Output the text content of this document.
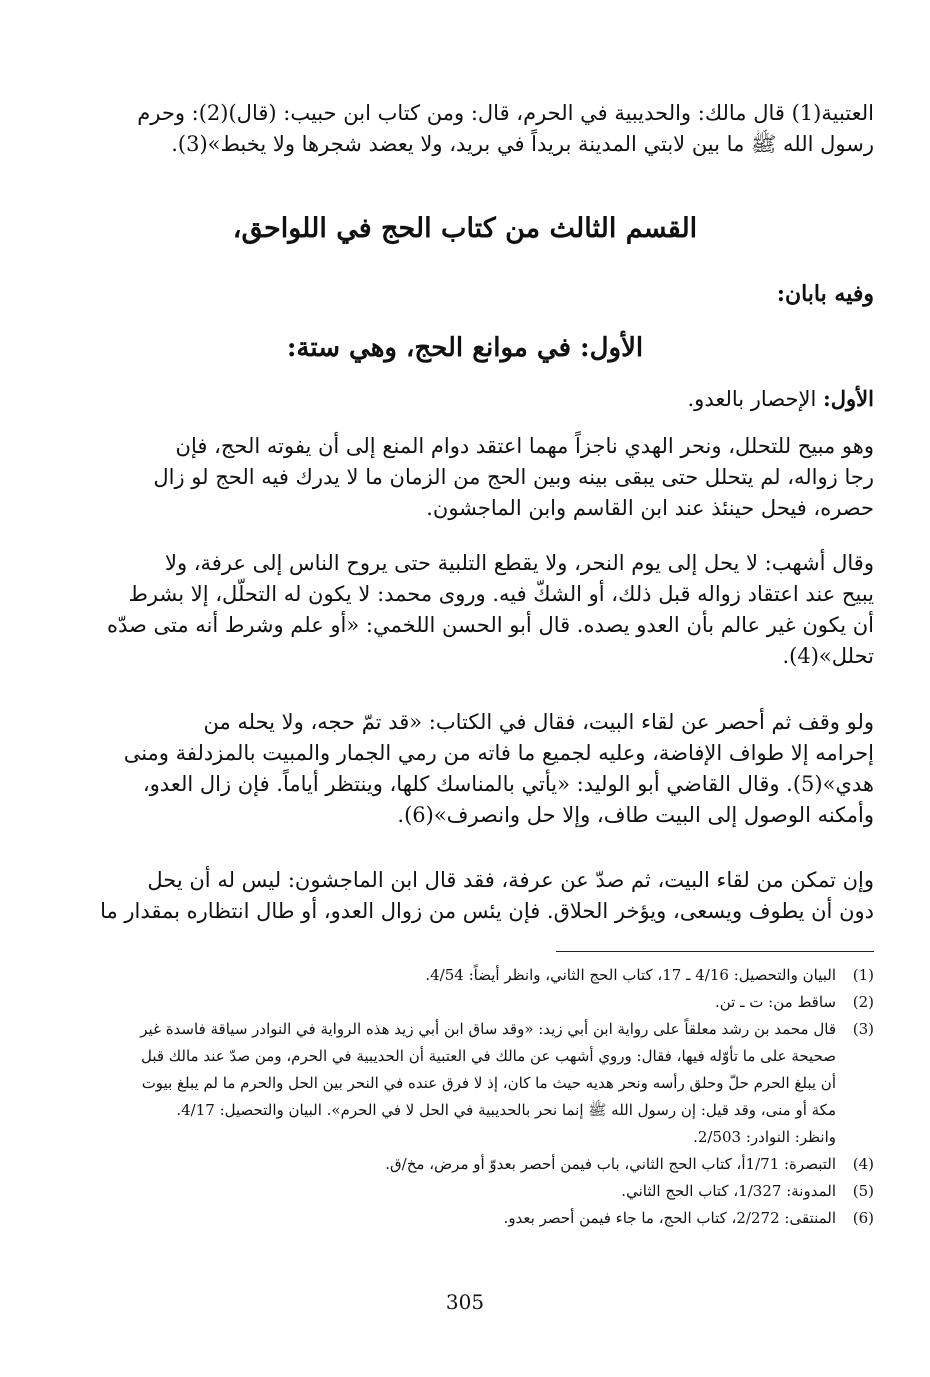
العتبية(1) قال مالك: والحديبية في الحرم، قال: ومن كتاب ابن حبيب: (قال)(2): وحرم

رسول الله ﷺ ما بين لابتي المدينة بريداً في بريد، ولا يعضد شجرها ولا يخبط»(3).

القسم الثالث من كتاب الحج في اللواحق،
وفيه بابان:
الأول: في موانع الحج، وهي ستة:

الأول: الإحصار بالعدو.

وهو مبيح للتحلل، ونحر الهدي ناجزاً مهما اعتقد دوام المنع إلى أن يفوته الحج، فإن

رجا زواله، لم يتحلل حتى يبقى بينه وبين الحج من الزمان ما لا يدرك فيه الحج لو زال

حصره، فيحل حينئذ عند ابن القاسم وابن الماجشون.

وقال أشهب: لا يحل إلى يوم النحر، ولا يقطع التلبية حتى يروح الناس إلى عرفة، ولا

يبيح عند اعتقاد زواله قبل ذلك، أو الشكّ فيه. وروى محمد: لا يكون له التحلّل، إلا بشرط

أن يكون غير عالم بأن العدو يصده. قال أبو الحسن اللخمي: «أو علم وشرط أنه متى صدّه

تحلل»(4).

ولو وقف ثم أحصر عن لقاء البيت، فقال في الكتاب: «قد تمّ حجه، ولا يحله من

إحرامه إلا طواف الإفاضة، وعليه لجميع ما فاته من رمي الجمار والمبيت بالمزدلفة ومنى

هدي»(5). وقال القاضي أبو الوليد: «يأتي بالمناسك كلها، وينتظر أياماً. فإن زال العدو،

وأمكنه الوصول إلى البيت طاف، وإلا حل وانصرف»(6).

وإن تمكن من لقاء البيت، ثم صدّ عن عرفة، فقد قال ابن الماجشون: ليس له أن يحل

دون أن يطوف ويسعى، ويؤخر الحلاق. فإن يئس من زوال العدو، أو طال انتظاره بمقدار ما

(1)
البيان والتحصيل: 4/16 ـ 17، كتاب الحج الثاني، وانظر أيضاً: 4/54.
(2)
ساقط من: ت ـ تن.
(3)
قال محمد بن رشد معلقاً على رواية ابن أبي زيد: «وقد ساق ابن أبي زيد هذه الرواية في النوادر سياقة فاسدة غير
صحيحة على ما تأوّله فيها، فقال: وروي أشهب عن مالك في العتبية أن الحديبية في الحرم، ومن صدّ عند مالك قبل
أن يبلغ الحرم حلّ وحلق رأسه ونحر هديه حيث ما كان، إذ لا فرق عنده في النحر بين الحل والحرم ما لم يبلغ بيوت
مكة أو منى، وقد قيل: إن رسول الله ﷺ إنما نحر بالحديبية في الحل لا في الحرم». البيان والتحصيل: 4/17.
وانظر: النوادر: 2/503.
(4)
التبصرة: 1/71أ، كتاب الحج الثاني، باب فيمن أحصر بعدوّ أو مرض، مخ/ق.
(5)
المدونة: 1/327، كتاب الحج الثاني.
(6)
المنتقى: 2/272، كتاب الحج، ما جاء فيمن أحصر بعدو.
305
